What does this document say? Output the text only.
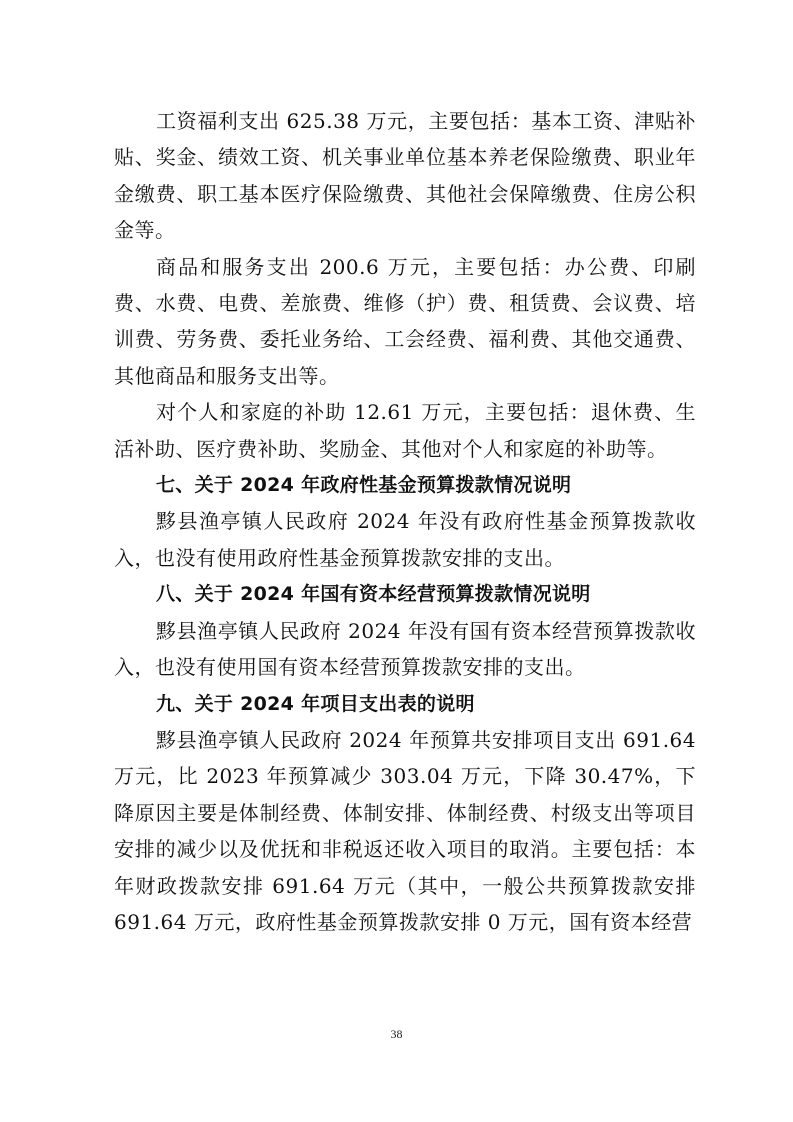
工资福利支出 625.38 万元，主要包括：基本工资、津贴补贴、奖金、绩效工资、机关事业单位基本养老保险缴费、职业年金缴费、职工基本医疗保险缴费、其他社会保障缴费、住房公积金等。

商品和服务支出 200.6 万元，主要包括：办公费、印刷费、水费、电费、差旅费、维修（护）费、租赁费、会议费、培训费、劳务费、委托业务给、工会经费、福利费、其他交通费、其他商品和服务支出等。

对个人和家庭的补助 12.61 万元，主要包括：退休费、生活补助、医疗费补助、奖励金、其他对个人和家庭的补助等。

七、关于 2024 年政府性基金预算拨款情况说明

黟县渔亭镇人民政府 2024 年没有政府性基金预算拨款收入，也没有使用政府性基金预算拨款安排的支出。

八、关于 2024 年国有资本经营预算拨款情况说明

黟县渔亭镇人民政府 2024 年没有国有资本经营预算拨款收入，也没有使用国有资本经营预算拨款安排的支出。

九、关于 2024 年项目支出表的说明

黟县渔亭镇人民政府 2024 年预算共安排项目支出 691.64 万元，比 2023 年预算减少 303.04 万元，下降 30.47%，下降原因主要是体制经费、体制安排、体制经费、村级支出等项目安排的减少以及优抚和非税返还收入项目的取消。主要包括：本年财政拨款安排 691.64 万元（其中，一般公共预算拨款安排 691.64 万元，政府性基金预算拨款安排 0 万元，国有资本经营

38
